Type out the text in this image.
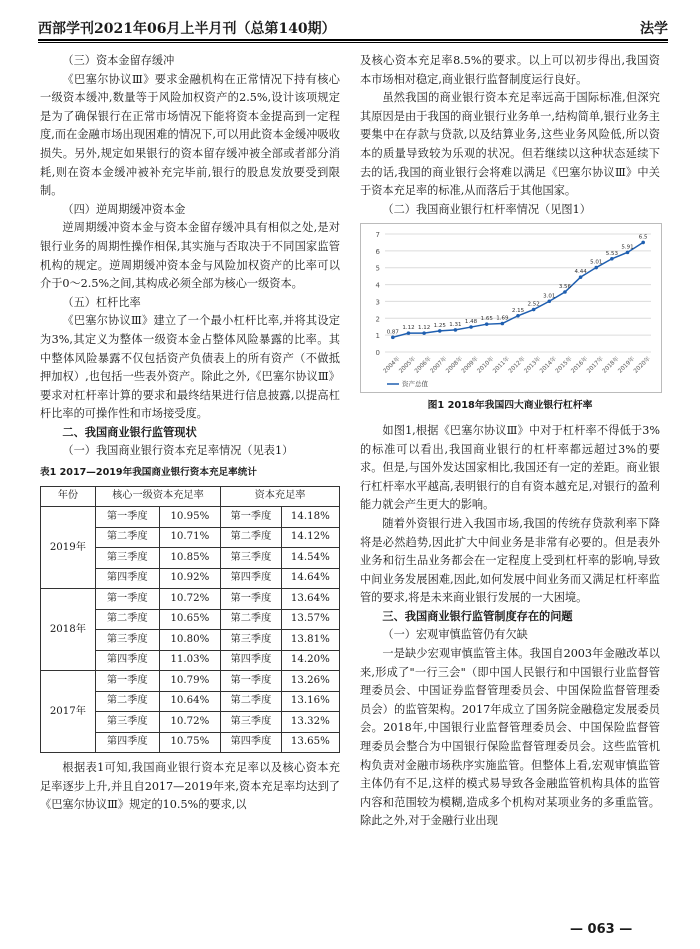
西部学刊2021年06月上半月刊（总第140期）	法学

（三）资本金留存缓冲

《巴塞尔协议Ⅲ》要求金融机构在正常情况下持有核心一级资本缓冲,数量等于风险加权资产的2.5%,设计该项规定是为了确保银行在正常市场情况下能将资本金提高到一定程度,而在金融市场出现困难的情况下,可以用此资本金缓冲吸收损失。另外,规定如果银行的资本留存缓冲被全部或者部分消耗,则在资本金缓冲被补充完毕前,银行的股息发放要受到限制。

（四）逆周期缓冲资本金

逆周期缓冲资本金与资本金留存缓冲具有相似之处,是对银行业务的周期性操作相保,其实施与否取决于不同国家监管机构的规定。逆周期缓冲资本金与风险加权资产的比率可以介于0～2.5%之间,其构成必须全部为核心一级资本。

（五）杠杆比率

《巴塞尔协议Ⅲ》建立了一个最小杠杆比率,并将其设定为3%,其定义为整体一级资本金占整体风险暴露的比率。其中整体风险暴露不仅包括资产负债表上的所有资产（不做抵押加权）,也包括一些表外资产。除此之外,《巴塞尔协议Ⅲ》要求对杠杆率计算的要求和最终结果进行信息披露,以提高杠杆比率的可操作性和市场接受度。

二、我国商业银行监管现状

（一）我国商业银行资本充足率情况（见表1）

表1 2017—2019年我国商业银行资本充足率统计
年份	核心一级资本充足率		资本充足率	
2019年	第一季度	10.95%	第一季度	14.18%
	第二季度	10.71%	第二季度	14.12%
	第三季度	10.85%	第三季度	14.54%
	第四季度	10.92%	第四季度	14.64%
2018年	第一季度	10.72%	第一季度	13.64%
	第二季度	10.65%	第二季度	13.57%
	第三季度	10.80%	第三季度	13.81%
	第四季度	11.03%	第四季度	14.20%
2017年	第一季度	10.79%	第一季度	13.26%
	第二季度	10.64%	第二季度	13.16%
	第三季度	10.72%	第三季度	13.32%
	第四季度	10.75%	第四季度	13.65%

根据表1可知,我国商业银行资本充足率以及核心资本充足率逐步上升,并且自2017—2019年来,资本充足率均达到了《巴塞尔协议Ⅲ》规定的10.5%的要求,以

及核心资本充足率8.5%的要求。以上可以初步得出,我国资本市场相对稳定,商业银行监督制度运行良好。

虽然我国的商业银行资本充足率远高于国际标准,但深究其原因是由于我国的商业银行业务单一,结构简单,银行业务主要集中在存款与贷款,以及结算业务,这些业务风险低,所以资本的质量导致较为乐观的状况。但若继续以这种状态延续下去的话,我国的商业银行会将难以满足《巴塞尔协议Ⅲ》中关于资本充足率的标准,从而落后于其他国家。

（二）我国商业银行杠杆率情况（见图1）

0
1
2
3
4
5
6
7
0.87
1.12 1.12 1.25 1.31 1.48 1.65 1.69
2.15
2.52
3.01
3.56
4.44
5.01
5.53
5.91
6.5
2004年
2005年
2006年
2007年
2008年
2009年
2010年
2011年
2012年
2013年
2014年
2015年
2016年
2017年
2018年
2019年
2020年
资产总值
图1 2018年我国四大商业银行杠杆率

如图1,根据《巴塞尔协议Ⅲ》中对于杠杆率不得低于3%的标准可以看出,我国商业银行的杠杆率都远超过3%的要求。但是,与国外发达国家相比,我国还有一定的差距。商业银行杠杆率水平越高,表明银行的自有资本越充足,对银行的盈利能力就会产生更大的影响。

随着外资银行进入我国市场,我国的传统存贷款利率下降将是必然趋势,因此扩大中间业务是非常有必要的。但是表外业务和衍生品业务都会在一定程度上受到杠杆率的影响,导致中间业务发展困难,因此,如何发展中间业务而又满足杠杆率监管的要求,将是未来商业银行发展的一大困境。

三、我国商业银行监管制度存在的问题

（一）宏观审慎监管仍有欠缺

一是缺少宏观审慎监管主体。我国自2003年金融改革以来,形成了"一行三会"（即中国人民银行和中国银行业监督管理委员会、中国证券监督管理委员会、中国保险监督管理委员会）的监管架构。2017年成立了国务院金融稳定发展委员会。2018年,中国银行业监督管理委员会、中国保险监督管理委员会整合为中国银行保险监督管理委员会。这些监管机构负责对金融市场秩序实施监管。但整体上看,宏观审慎监管主体仍有不足,这样的模式易导致各金融监管机构具体的监管内容和范围较为模糊,造成多个机构对某项业务的多重监管。除此之外,对于金融行业出现

— 063 —
